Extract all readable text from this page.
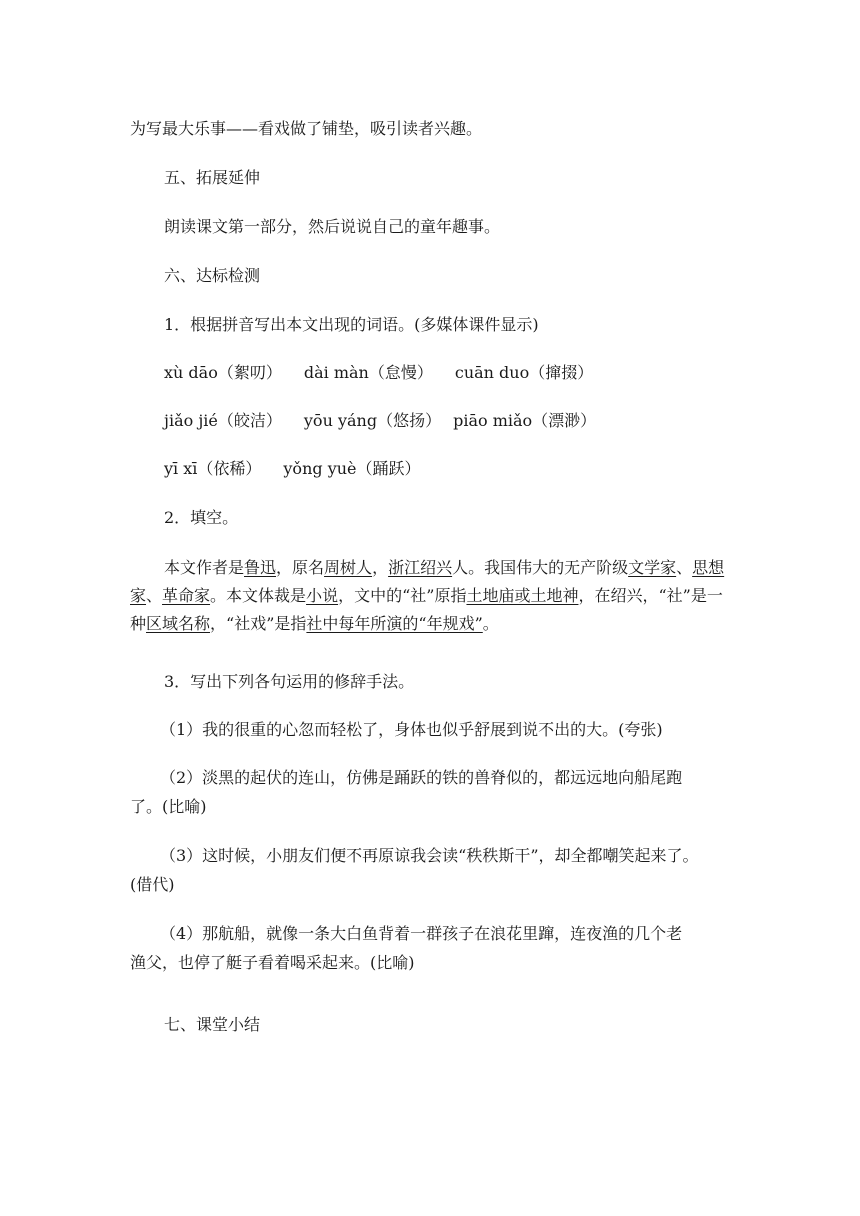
为写最大乐事——看戏做了铺垫，吸引读者兴趣。
五、拓展延伸
朗读课文第一部分，然后说说自己的童年趣事。
六、达标检测
1．根据拼音写出本文出现的词语。(多媒体课件显示)
xù dāo（絮叨） dài màn（怠慢） cuān duo（撺掇）
jiǎo jié（皎洁） yōu yáng（悠扬） piāo miǎo（漂渺）
yī xī（依稀） yǒng yuè（踊跃）
2．填空。
本文作者是鲁迅，原名周树人，浙江绍兴人。我国伟大的无产阶级文学家、思想家、革命家。本文体裁是小说，文中的“社”原指土地庙或土地神，在绍兴，“社”是一种区域名称，“社戏”是指社中每年所演的“年规戏”。
3．写出下列各句运用的修辞手法。
（1）我的很重的心忽而轻松了，身体也似乎舒展到说不出的大。(夸张)
（2）淡黑的起伏的连山，仿佛是踊跃的铁的兽脊似的，都远远地向船尾跑
了。(比喻)
（3）这时候，小朋友们便不再原谅我会读“秩秩斯干”，却全都嘲笑起来了。
(借代)
（4）那航船，就像一条大白鱼背着一群孩子在浪花里蹿，连夜渔的几个老
渔父，也停了艇子看着喝采起来。(比喻)
七、课堂小结
